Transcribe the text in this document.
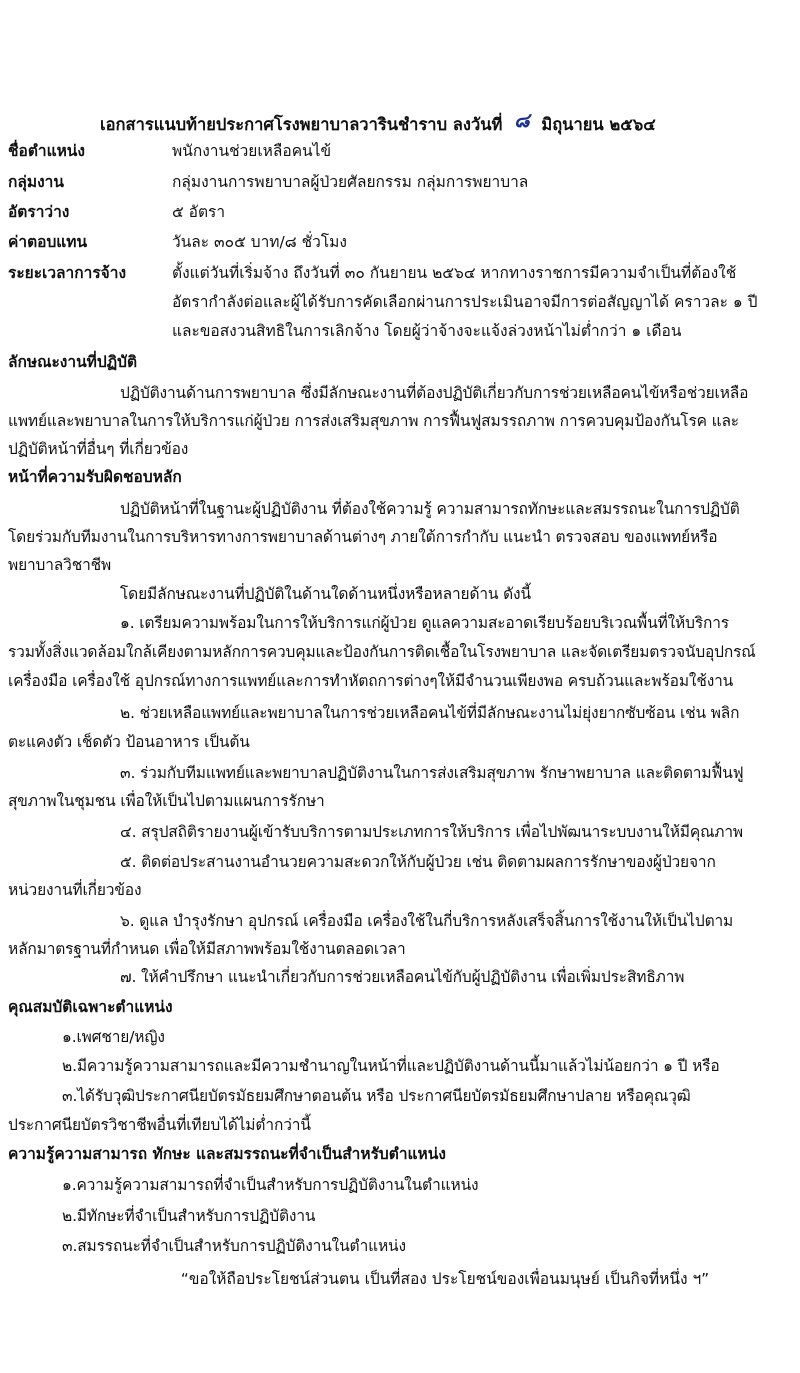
เอกสารแนบท้ายประกาศโรงพยาบาลวารินชำราบ ลงวันที่ ๘ มิถุนายน ๒๕๖๔
ชื่อตำแหน่ง	พนักงานช่วยเหลือคนไข้
กลุ่มงาน	กลุ่มงานการพยาบาลผู้ป่วยศัลยกรรม กลุ่มการพยาบาล
อัตราว่าง	๕ อัตรา
ค่าตอบแทน	วันละ ๓๐๕ บาท/๘ ชั่วโมง
ระยะเวลาการจ้าง	ตั้งแต่วันที่เริ่มจ้าง ถึงวันที่ ๓๐ กันยายน ๒๕๖๔ หากทางราชการมีความจำเป็นที่ต้องใช้
อัตรากำลังต่อและผู้ได้รับการคัดเลือกผ่านการประเมินอาจมีการต่อสัญญาได้ คราวละ ๑ ปี
และขอสงวนสิทธิในการเลิกจ้าง โดยผู้ว่าจ้างจะแจ้งล่วงหน้าไม่ต่ำกว่า ๑ เดือน
ลักษณะงานที่ปฏิบัติ
ปฏิบัติงานด้านการพยาบาล ซึ่งมีลักษณะงานที่ต้องปฏิบัติเกี่ยวกับการช่วยเหลือคนไข้หรือช่วยเหลือ
แพทย์และพยาบาลในการให้บริการแก่ผู้ป่วย การส่งเสริมสุขภาพ การฟื้นฟูสมรรถภาพ การควบคุมป้องกันโรค และ
ปฏิบัติหน้าที่อื่นๆ ที่เกี่ยวข้อง
หน้าที่ความรับผิดชอบหลัก
ปฏิบัติหน้าที่ในฐานะผู้ปฏิบัติงาน ที่ต้องใช้ความรู้ ความสามารถทักษะและสมรรถนะในการปฏิบัติ
โดยร่วมกับทีมงานในการบริหารทางการพยาบาลด้านต่างๆ ภายใต้การกำกับ แนะนำ ตรวจสอบ ของแพทย์หรือ
พยาบาลวิชาชีพ
โดยมีลักษณะงานที่ปฏิบัติในด้านใดด้านหนึ่งหรือหลายด้าน ดังนี้
๑. เตรียมความพร้อมในการให้บริการแก่ผู้ป่วย ดูแลความสะอาดเรียบร้อยบริเวณพื้นที่ให้บริการ
รวมทั้งสิ่งแวดล้อมใกล้เคียงตามหลักการควบคุมและป้องกันการติดเชื้อในโรงพยาบาล และจัดเตรียมตรวจนับอุปกรณ์
เครื่องมือ เครื่องใช้ อุปกรณ์ทางการแพทย์และการทำหัตถการต่างๆให้มีจำนวนเพียงพอ ครบถ้วนและพร้อมใช้งาน
๒. ช่วยเหลือแพทย์และพยาบาลในการช่วยเหลือคนไข้ที่มีลักษณะงานไม่ยุ่งยากซับซ้อน เช่น พลิก
ตะแคงตัว เช็ดตัว ป้อนอาหาร เป็นต้น
๓. ร่วมกับทีมแพทย์และพยาบาลปฏิบัติงานในการส่งเสริมสุขภาพ รักษาพยาบาล และติดตามฟื้นฟู
สุขภาพในชุมชน เพื่อให้เป็นไปตามแผนการรักษา
๔. สรุปสถิติรายงานผู้เข้ารับบริการตามประเภทการให้บริการ เพื่อไปพัฒนาระบบงานให้มีคุณภาพ
๕. ติดต่อประสานงานอำนวยความสะดวกให้กับผู้ป่วย เช่น ติดตามผลการรักษาของผู้ป่วยจาก
หน่วยงานที่เกี่ยวข้อง
๖. ดูแล บำรุงรักษา อุปกรณ์ เครื่องมือ เครื่องใช้ในกี่บริการหลังเสร็จสิ้นการใช้งานให้เป็นไปตาม
หลักมาตรฐานที่กำหนด เพื่อให้มีสภาพพร้อมใช้งานตลอดเวลา
๗. ให้คำปรึกษา แนะนำเกี่ยวกับการช่วยเหลือคนไข้กับผู้ปฏิบัติงาน เพื่อเพิ่มประสิทธิภาพ
คุณสมบัติเฉพาะตำแหน่ง
๑.เพศชาย/หญิง
๒.มีความรู้ความสามารถและมีความชำนาญในหน้าที่และปฏิบัติงานด้านนี้มาแล้วไม่น้อยกว่า ๑ ปี หรือ
๓.ได้รับวุฒิประกาศนียบัตรมัธยมศึกษาตอนต้น หรือ ประกาศนียบัตรมัธยมศึกษาปลาย หรือคุณวุฒิ
ประกาศนียบัตรวิชาชีพอื่นที่เทียบได้ไม่ต่ำกว่านี้
ความรู้ความสามารถ ทักษะ และสมรรถนะที่จำเป็นสำหรับตำแหน่ง
๑.ความรู้ความสามารถที่จำเป็นสำหรับการปฏิบัติงานในตำแหน่ง
๒.มีทักษะที่จำเป็นสำหรับการปฏิบัติงาน
๓.สมรรถนะที่จำเป็นสำหรับการปฏิบัติงานในตำแหน่ง
“ขอให้ถือประโยชน์ส่วนตน เป็นที่สอง ประโยชน์ของเพื่อนมนุษย์ เป็นกิจที่หนึ่ง ฯ”
